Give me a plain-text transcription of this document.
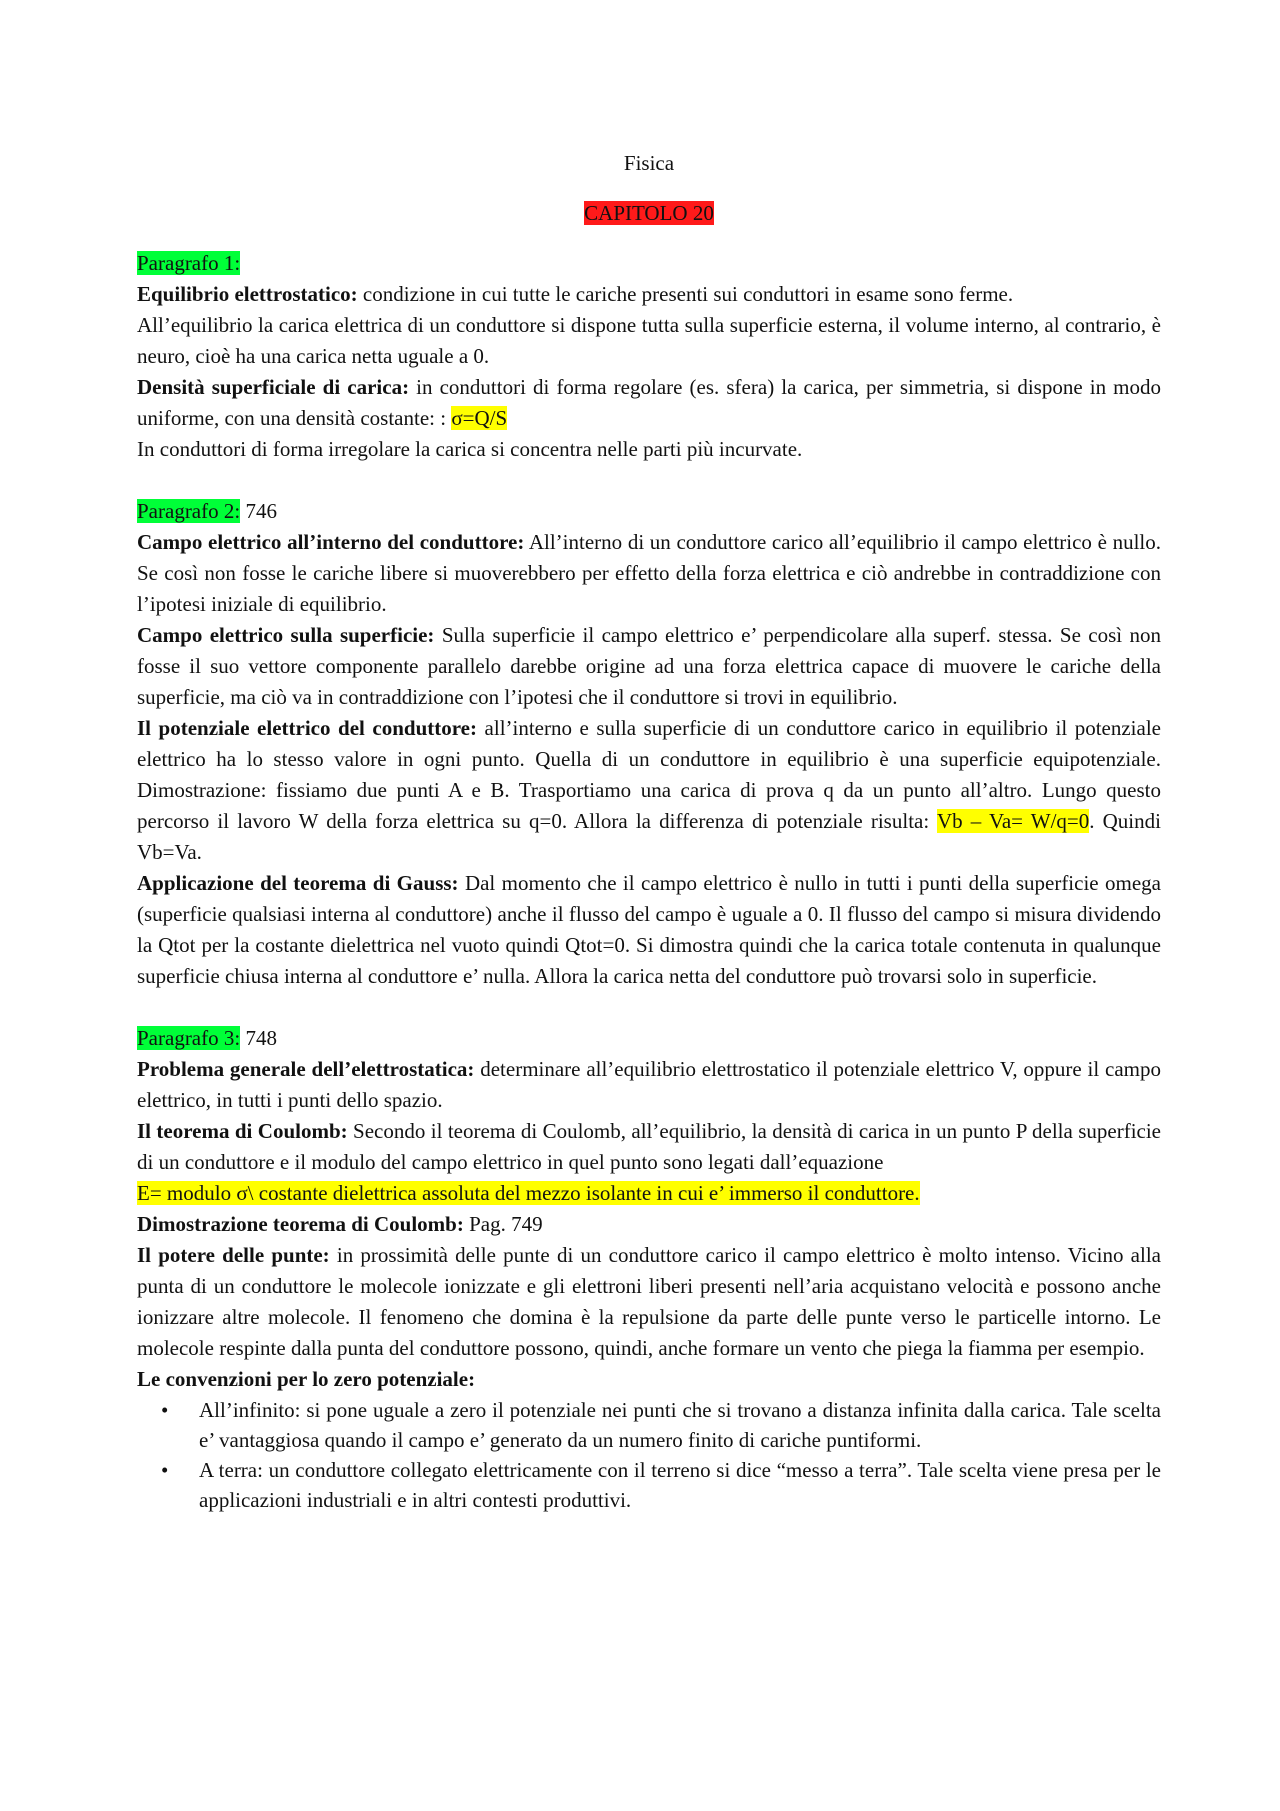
Fisica
CAPITOLO 20
Paragrafo 1:
Equilibrio elettrostatico: condizione in cui tutte le cariche presenti sui conduttori in esame sono ferme.
All’equilibrio la carica elettrica di un conduttore si dispone tutta sulla superficie esterna, il volume interno, al contrario, è neuro, cioè ha una carica netta uguale a 0.
Densità superficiale di carica: in conduttori di forma regolare (es. sfera) la carica, per simmetria, si dispone in modo uniforme, con una densità costante: : σ=Q/S
In conduttori di forma irregolare la carica si concentra nelle parti più incurvate.
Paragrafo 2: 746
Campo elettrico all’interno del conduttore: All’interno di un conduttore carico all’equilibrio il campo elettrico è nullo. Se così non fosse le cariche libere si muoverebbero per effetto della forza elettrica e ciò andrebbe in contraddizione con l’ipotesi iniziale di equilibrio.
Campo elettrico sulla superficie: Sulla superficie il campo elettrico e’ perpendicolare alla superf. stessa. Se così non fosse il suo vettore componente parallelo darebbe origine ad una forza elettrica capace di muovere le cariche della superficie, ma ciò va in contraddizione con l’ipotesi che il conduttore si trovi in equilibrio.
Il potenziale elettrico del conduttore: all’interno e sulla superficie di un conduttore carico in equilibrio il potenziale elettrico ha lo stesso valore in ogni punto. Quella di un conduttore in equilibrio è una superficie equipotenziale. Dimostrazione: fissiamo due punti A e B. Trasportiamo una carica di prova q da un punto all’altro. Lungo questo percorso il lavoro W della forza elettrica su q=0. Allora la differenza di potenziale risulta: Vb – Va= W/q=0. Quindi Vb=Va.
Applicazione del teorema di Gauss: Dal momento che il campo elettrico è nullo in tutti i punti della superficie omega (superficie qualsiasi interna al conduttore) anche il flusso del campo è uguale a 0. Il flusso del campo si misura dividendo la Qtot per la costante dielettrica nel vuoto quindi Qtot=0. Si dimostra quindi che la carica totale contenuta in qualunque superficie chiusa interna al conduttore e’ nulla. Allora la carica netta del conduttore può trovarsi solo in superficie.
Paragrafo 3: 748
Problema generale dell’elettrostatica: determinare all’equilibrio elettrostatico il potenziale elettrico V, oppure il campo elettrico, in tutti i punti dello spazio.
Il teorema di Coulomb: Secondo il teorema di Coulomb, all’equilibrio, la densità di carica in un punto P della superficie di un conduttore e il modulo del campo elettrico in quel punto sono legati dall’equazione
E= modulo σ\ costante dielettrica assoluta del mezzo isolante in cui e’ immerso il conduttore.
Dimostrazione teorema di Coulomb: Pag. 749
Il potere delle punte: in prossimità delle punte di un conduttore carico il campo elettrico è molto intenso. Vicino alla punta di un conduttore le molecole ionizzate e gli elettroni liberi presenti nell’aria acquistano velocità e possono anche ionizzare altre molecole. Il fenomeno che domina è la repulsione da parte delle punte verso le particelle intorno. Le molecole respinte dalla punta del conduttore possono, quindi, anche formare un vento che piega la fiamma per esempio.
Le convenzioni per lo zero potenziale:
• All’infinito: si pone uguale a zero il potenziale nei punti che si trovano a distanza infinita dalla carica. Tale scelta e’ vantaggiosa quando il campo e’ generato da un numero finito di cariche puntiformi.
• A terra: un conduttore collegato elettricamente con il terreno si dice “messo a terra”. Tale scelta viene presa per le applicazioni industriali e in altri contesti produttivi.
